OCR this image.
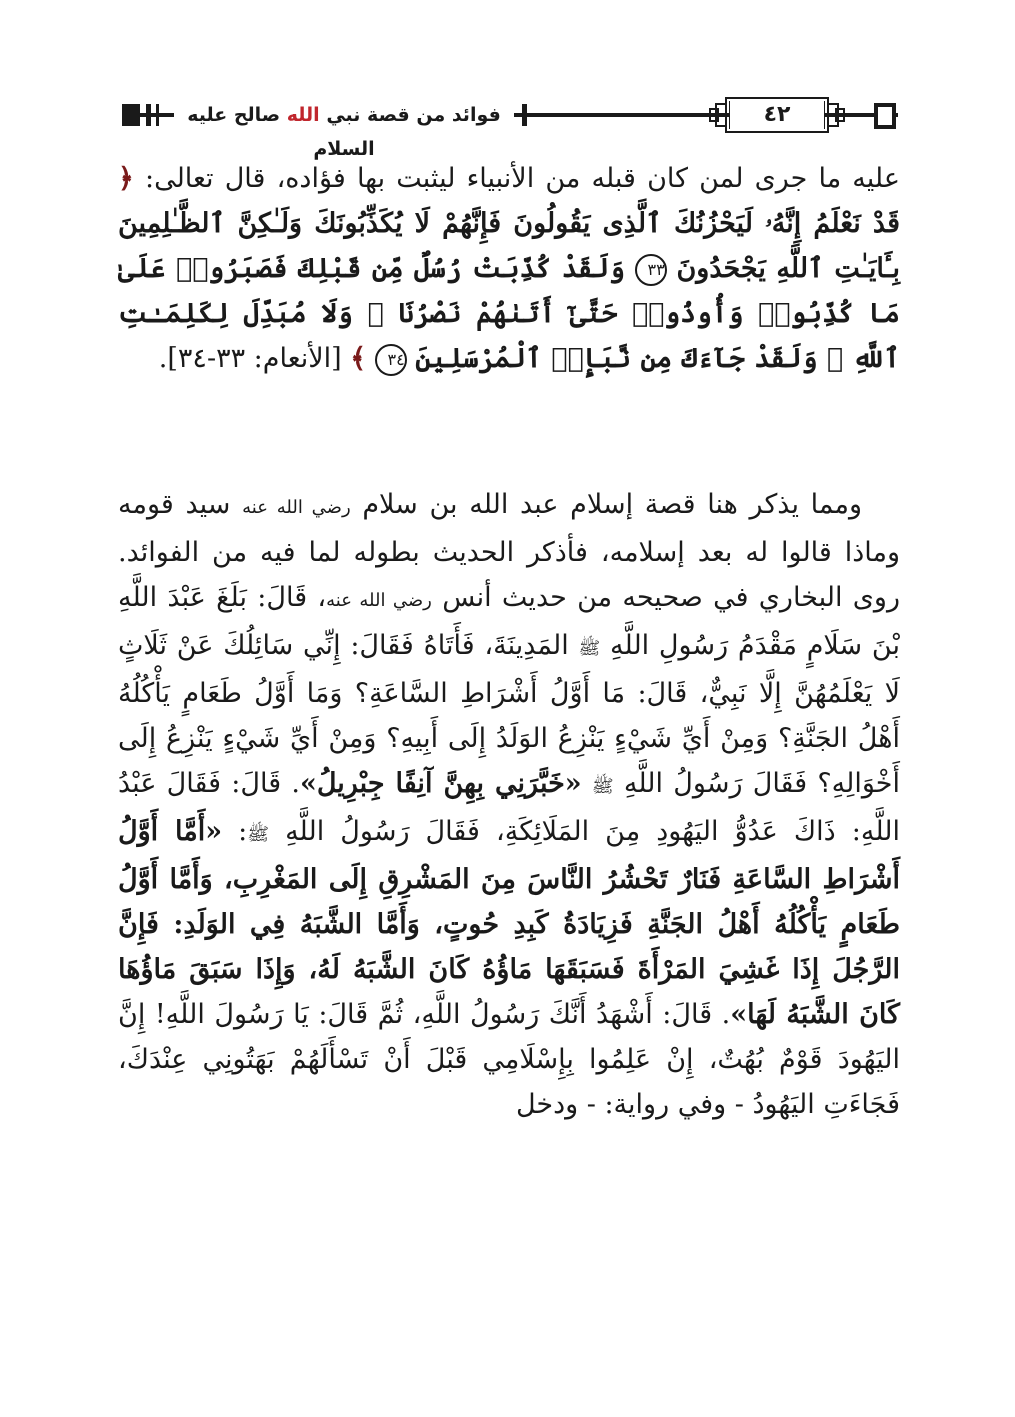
فوائد من قصة نبي الله صالح عليه السلام
٤٢

عليه ما جرى لمن كان قبله من الأنبياء ليثبت بها فؤاده، قال تعالى: ﴿ قَدْ نَعْلَمُ إِنَّهُۥ لَيَحْزُنُكَ ٱلَّذِى يَقُولُونَ فَإِنَّهُمْ لَا يُكَذِّبُونَكَ وَلَـٰكِنَّ ٱلظَّـٰلِمِينَ بِـَٔايَـٰتِ ٱللَّهِ يَجْحَدُونَ ٣٣ وَلَقَدْ كُذِّبَتْ رُسُلٌ مِّن قَبْلِكَ فَصَبَرُوا۟ عَلَىٰ مَا كُذِّبُوا۟ وَأُوذُوا۟ حَتَّىٰٓ أَتَىٰهُمْ نَصْرُنَا ۚ وَلَا مُبَدِّلَ لِكَلِمَـٰتِ ٱللَّهِ ۚ وَلَقَدْ جَآءَكَ مِن نَّبَإِى۟ ٱلْمُرْسَلِينَ ٣٤ ﴾ [الأنعام: ٣٣-٣٤].

ومما يذكر هنا قصة إسلام عبد الله بن سلام رضي الله عنه سيد قومه وماذا قالوا له بعد إسلامه، فأذكر الحديث بطوله لما فيه من الفوائد. روى البخاري في صحيحه من حديث أنس رضي الله عنه، قَالَ: بَلَغَ عَبْدَ اللَّهِ بْنَ سَلَامٍ مَقْدَمُ رَسُولِ اللَّهِ ﷺ المَدِينَةَ، فَأَتَاهُ فَقَالَ: إِنِّي سَائِلُكَ عَنْ ثَلَاثٍ لَا يَعْلَمُهُنَّ إِلَّا نَبِيٌّ، قَالَ: مَا أَوَّلُ أَشْرَاطِ السَّاعَةِ؟ وَمَا أَوَّلُ طَعَامٍ يَأْكُلُهُ أَهْلُ الجَنَّةِ؟ وَمِنْ أَيِّ شَيْءٍ يَنْزِعُ الوَلَدُ إِلَى أَبِيهِ؟ وَمِنْ أَيِّ شَيْءٍ يَنْزِعُ إِلَى أَخْوَالِهِ؟ فَقَالَ رَسُولُ اللَّهِ ﷺ «خَبَّرَنِي بِهِنَّ آنِفًا جِبْرِيلُ». قَالَ: فَقَالَ عَبْدُ اللَّهِ: ذَاكَ عَدُوُّ اليَهُودِ مِنَ المَلَائِكَةِ، فَقَالَ رَسُولُ اللَّهِ ﷺ: «أَمَّا أَوَّلُ أَشْرَاطِ السَّاعَةِ فَنَارٌ تَحْشُرُ النَّاسَ مِنَ المَشْرِقِ إِلَى المَغْرِبِ، وَأَمَّا أَوَّلُ طَعَامٍ يَأْكُلُهُ أَهْلُ الجَنَّةِ فَزِيَادَةُ كَبِدِ حُوتٍ، وَأَمَّا الشَّبَهُ فِي الوَلَدِ: فَإِنَّ الرَّجُلَ إِذَا غَشِيَ المَرْأَةَ فَسَبَقَهَا مَاؤُهُ كَانَ الشَّبَهُ لَهُ، وَإِذَا سَبَقَ مَاؤُهَا كَانَ الشَّبَهُ لَهَا». قَالَ: أَشْهَدُ أَنَّكَ رَسُولُ اللَّهِ، ثُمَّ قَالَ: يَا رَسُولَ اللَّهِ! إِنَّ اليَهُودَ قَوْمٌ بُهُتٌ، إِنْ عَلِمُوا بِإِسْلَامِي قَبْلَ أَنْ تَسْأَلَهُمْ بَهَتُونِي عِنْدَكَ، فَجَاءَتِ اليَهُودُ - وفي رواية: - ودخل
